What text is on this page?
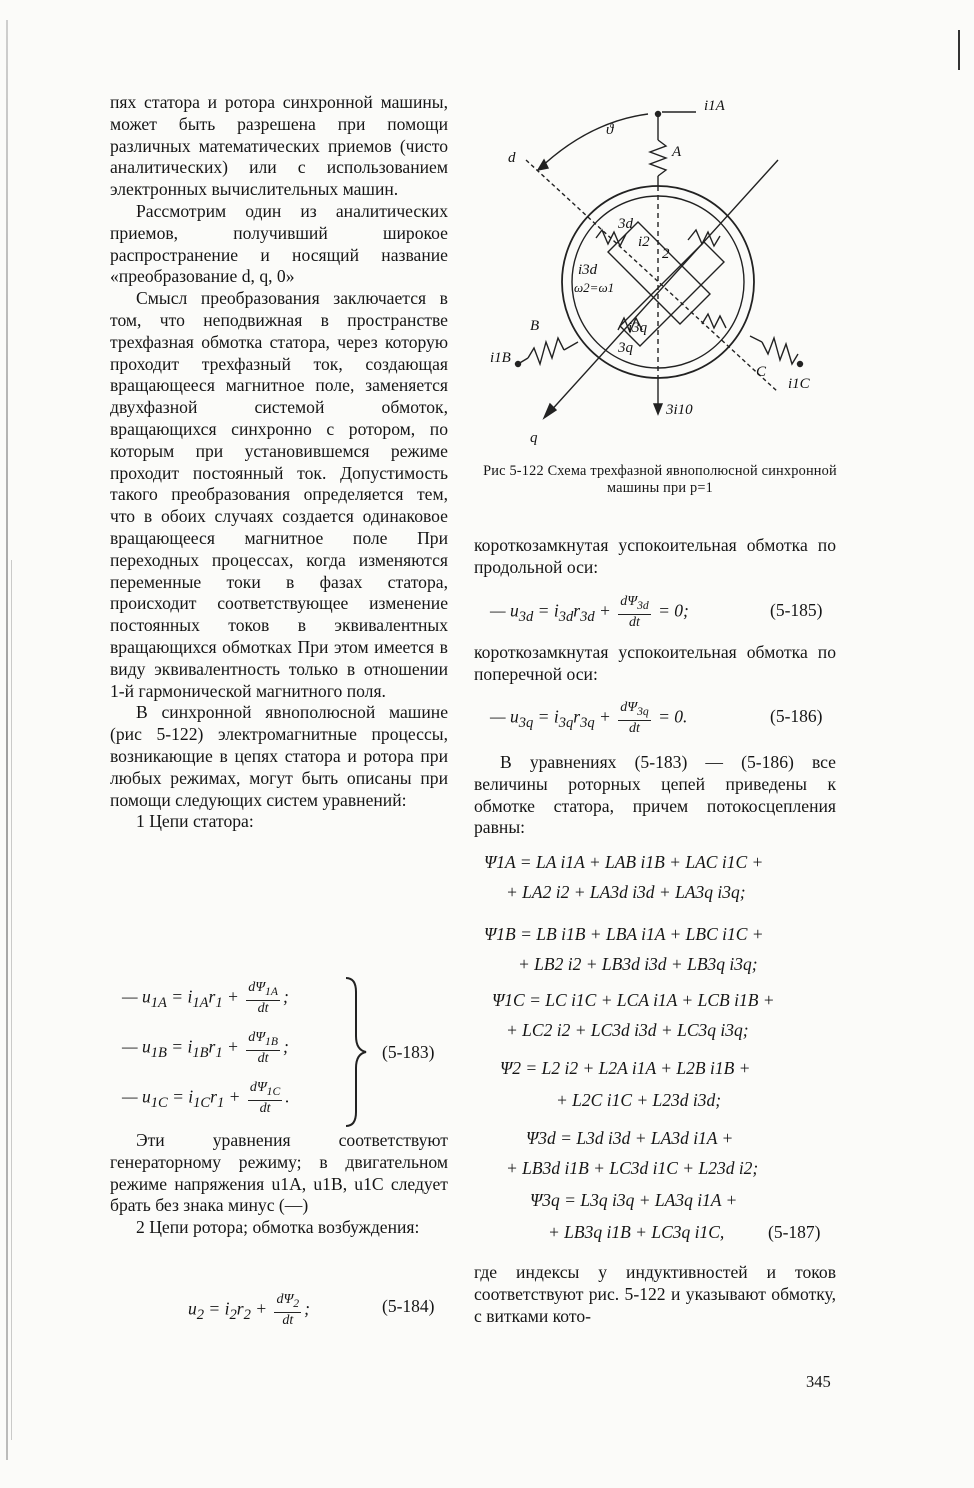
пях статора и ротора синхронной машины, может быть разрешена при помощи различных математических приемов (чисто аналитических) или с использованием электронных вычислительных машин.

Рассмотрим один из аналитических приемов, получивший широкое распространение и носящий название «преобразование d, q, 0»

Смысл преобразования заключается в том, что неподвижная в пространстве трехфазная обмотка статора, через которую проходит трехфазный ток, создающая вращающееся магнитное поле, заменяется двухфазной системой обмоток, вращающихся синхронно с ротором, по которым при установившемся режиме проходит постоянный ток. Допустимость такого преобразования определяется тем, что в обоих случаях создается одинаковое вращающееся магнитное поле При переходных процессах, когда изменяются переменные токи в фазах статора, происходит соответствующее изменение постоянных токов в эквивалентных вращающихся обмотках При этом имеется в виду эквивалентность только в отношении 1-й гармонической магнитного поля.

В синхронной явнополюсной машине (рис 5-122) электромагнитные процессы, возникающие в цепях статора и ротора при любых режимах, могут быть описаны при помощи следующих систем уравнений:

1 Цепи статора:

— $u_{1A} = i_{1A}r_1 + \frac{d\Psi_{1A}}{dt}$ ;
— $u_{1B} = i_{1B}r_1 + \frac{d\Psi_{1B}}{dt}$ ;
— $u_{1C} = i_{1C}r_1 + \frac{d\Psi_{1C}}{dt}$ .
(5-183)

Эти уравнения соответствуют генераторному режиму; в двигательном режиме напряжения u1A, u1B, u1C следует брать без знака минус (—)

2 Цепи ротора; обмотка возбуждения:

$u_2 = i_2r_2 + \frac{d\Psi_2}{dt}$ ;	(5-184)
i1A
A
d
ϑ
3d
i2
2
i3d
ω2=ω1
B
i1B
i3q
3q
C
i1C
3i10
q
Рис 5-122 Схема трехфазной явнополюсной синхронной машины при p=1

короткозамкнутая успокоительная обмотка по продольной оси:

— $u_{3d} = i_{3d}r_{3d} + \frac{d\Psi_{3d}}{dt} = 0$;	(5-185)

короткозамкнутая успокоительная обмотка по поперечной оси:

— $u_{3q} = i_{3q}r_{3q} + \frac{d\Psi_{3q}}{dt} = 0$.	(5-186)

В уравнениях (5-183) — (5-186) все величины роторных цепей приведены к обмотке статора, причем потокосцепления равны:

Ψ1A = LA i1A + LAB i1B + LAC i1C +
+ LA2 i2 + LA3d i3d + LA3q i3q;
Ψ1B = LB i1B + LBA i1A + LBC i1C +
+ LB2 i2 + LB3d i3d + LB3q i3q;
Ψ1C = LC i1C + LCA i1A + LCB i1B +
+ LC2 i2 + LC3d i3d + LC3q i3q;
Ψ2 = L2 i2 + L2A i1A + L2B i1B +
+ L2C i1C + L23d i3d;
Ψ3d = L3d i3d + LA3d i1A +
+ LB3d i1B + LC3d i1C + L23d i2;
Ψ3q = L3q i3q + LA3q i1A +
+ LB3q i1B + LC3q i1C, (5-187)

где индексы у индуктивностей и токов соответствуют рис. 5-122 и указывают обмотку, с витками кото-

345
